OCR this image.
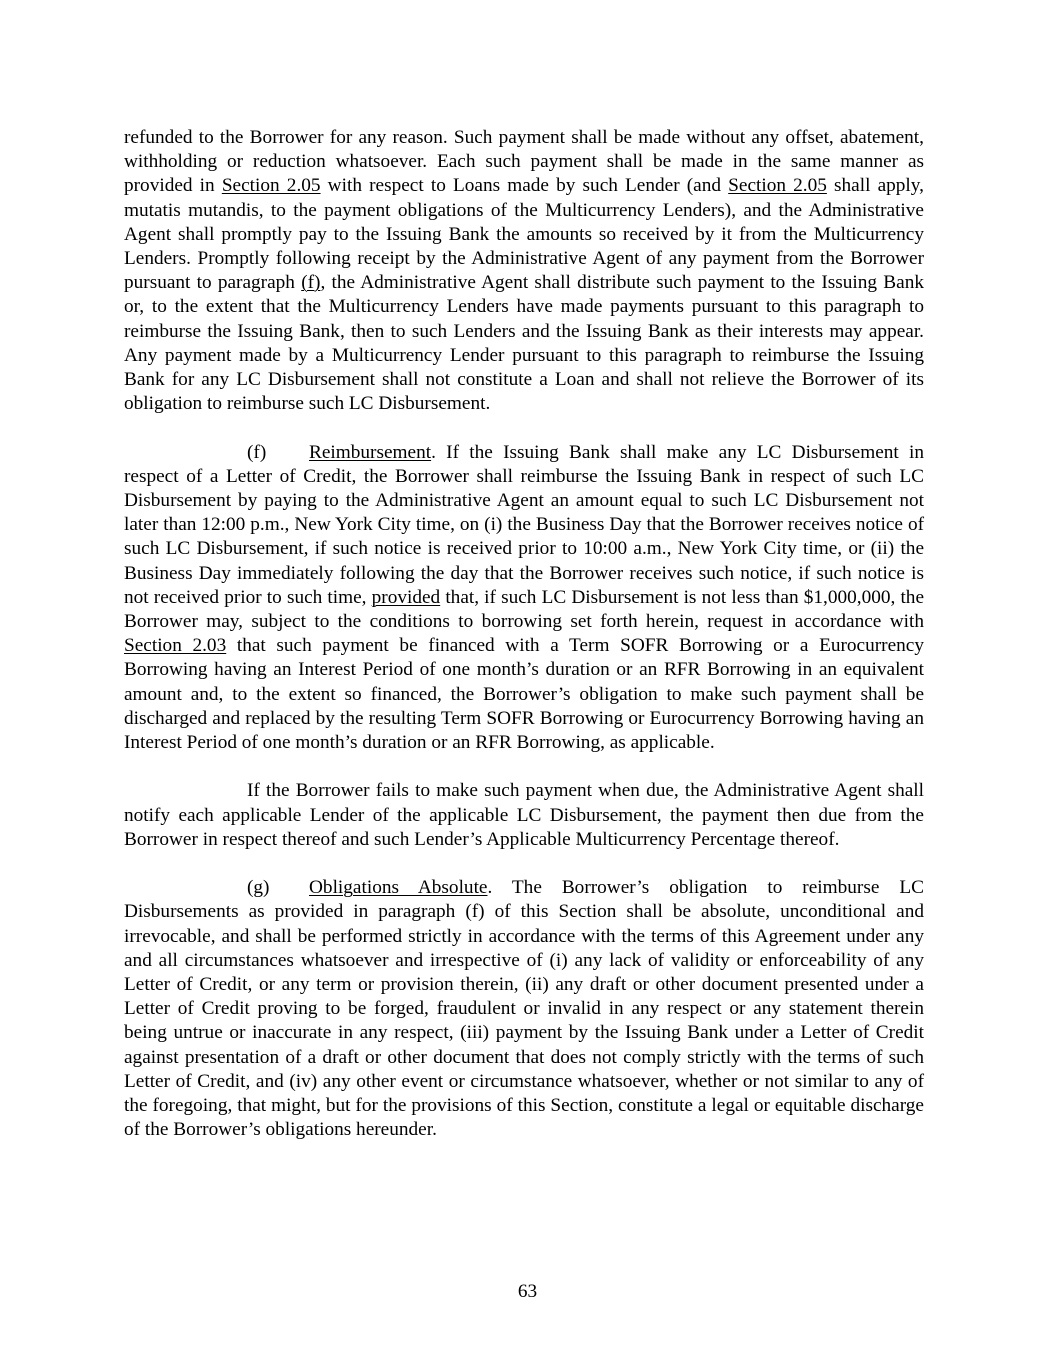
refunded to the Borrower for any reason. Such payment shall be made without any offset, abatement, withholding or reduction whatsoever. Each such payment shall be made in the same manner as provided in Section 2.05 with respect to Loans made by such Lender (and Section 2.05 shall apply, mutatis mutandis, to the payment obligations of the Multicurrency Lenders), and the Administrative Agent shall promptly pay to the Issuing Bank the amounts so received by it from the Multicurrency Lenders. Promptly following receipt by the Administrative Agent of any payment from the Borrower pursuant to paragraph (f), the Administrative Agent shall distribute such payment to the Issuing Bank or, to the extent that the Multicurrency Lenders have made payments pursuant to this paragraph to reimburse the Issuing Bank, then to such Lenders and the Issuing Bank as their interests may appear. Any payment made by a Multicurrency Lender pursuant to this paragraph to reimburse the Issuing Bank for any LC Disbursement shall not constitute a Loan and shall not relieve the Borrower of its obligation to reimburse such LC Disbursement.

(f) Reimbursement. If the Issuing Bank shall make any LC Disbursement in respect of a Letter of Credit, the Borrower shall reimburse the Issuing Bank in respect of such LC Disbursement by paying to the Administrative Agent an amount equal to such LC Disbursement not later than 12:00 p.m., New York City time, on (i) the Business Day that the Borrower receives notice of such LC Disbursement, if such notice is received prior to 10:00 a.m., New York City time, or (ii) the Business Day immediately following the day that the Borrower receives such notice, if such notice is not received prior to such time, provided that, if such LC Disbursement is not less than $1,000,000, the Borrower may, subject to the conditions to borrowing set forth herein, request in accordance with Section 2.03 that such payment be financed with a Term SOFR Borrowing or a Eurocurrency Borrowing having an Interest Period of one month’s duration or an RFR Borrowing in an equivalent amount and, to the extent so financed, the Borrower’s obligation to make such payment shall be discharged and replaced by the resulting Term SOFR Borrowing or Eurocurrency Borrowing having an Interest Period of one month’s duration or an RFR Borrowing, as applicable.

If the Borrower fails to make such payment when due, the Administrative Agent shall notify each applicable Lender of the applicable LC Disbursement, the payment then due from the Borrower in respect thereof and such Lender’s Applicable Multicurrency Percentage thereof.

(g) Obligations Absolute. The Borrower’s obligation to reimburse LC Disbursements as provided in paragraph (f) of this Section shall be absolute, unconditional and irrevocable, and shall be performed strictly in accordance with the terms of this Agreement under any and all circumstances whatsoever and irrespective of (i) any lack of validity or enforceability of any Letter of Credit, or any term or provision therein, (ii) any draft or other document presented under a Letter of Credit proving to be forged, fraudulent or invalid in any respect or any statement therein being untrue or inaccurate in any respect, (iii) payment by the Issuing Bank under a Letter of Credit against presentation of a draft or other document that does not comply strictly with the terms of such Letter of Credit, and (iv) any other event or circumstance whatsoever, whether or not similar to any of the foregoing, that might, but for the provisions of this Section, constitute a legal or equitable discharge of the Borrower’s obligations hereunder.

63
